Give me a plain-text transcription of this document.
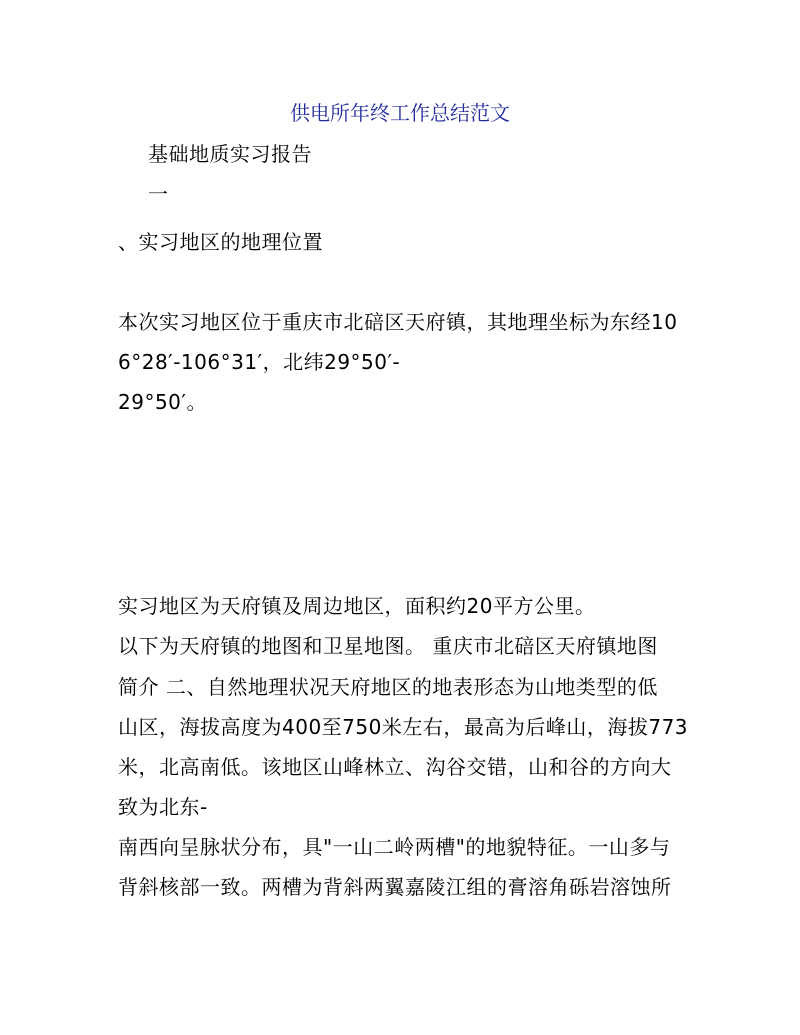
供电所年终工作总结范文
基础地质实习报告
一
、实习地区的地理位置
本次实习地区位于重庆市北碚区天府镇，其地理坐标为东经10
6°28′-106°31′，北纬29°50′-
29°50′。
实习地区为天府镇及周边地区，面积约20平方公里。
以下为天府镇的地图和卫星地图。 重庆市北碚区天府镇地图
简介 二、自然地理状况天府地区的地表形态为山地类型的低
山区，海拔高度为400至750米左右，最高为后峰山，海拔773
米，北高南低。该地区山峰林立、沟谷交错，山和谷的方向大
致为北东-
南西向呈脉状分布，具"一山二岭两槽"的地貌特征。一山多与
背斜核部一致。两槽为背斜两翼嘉陵江组的膏溶角砾岩溶蚀所
